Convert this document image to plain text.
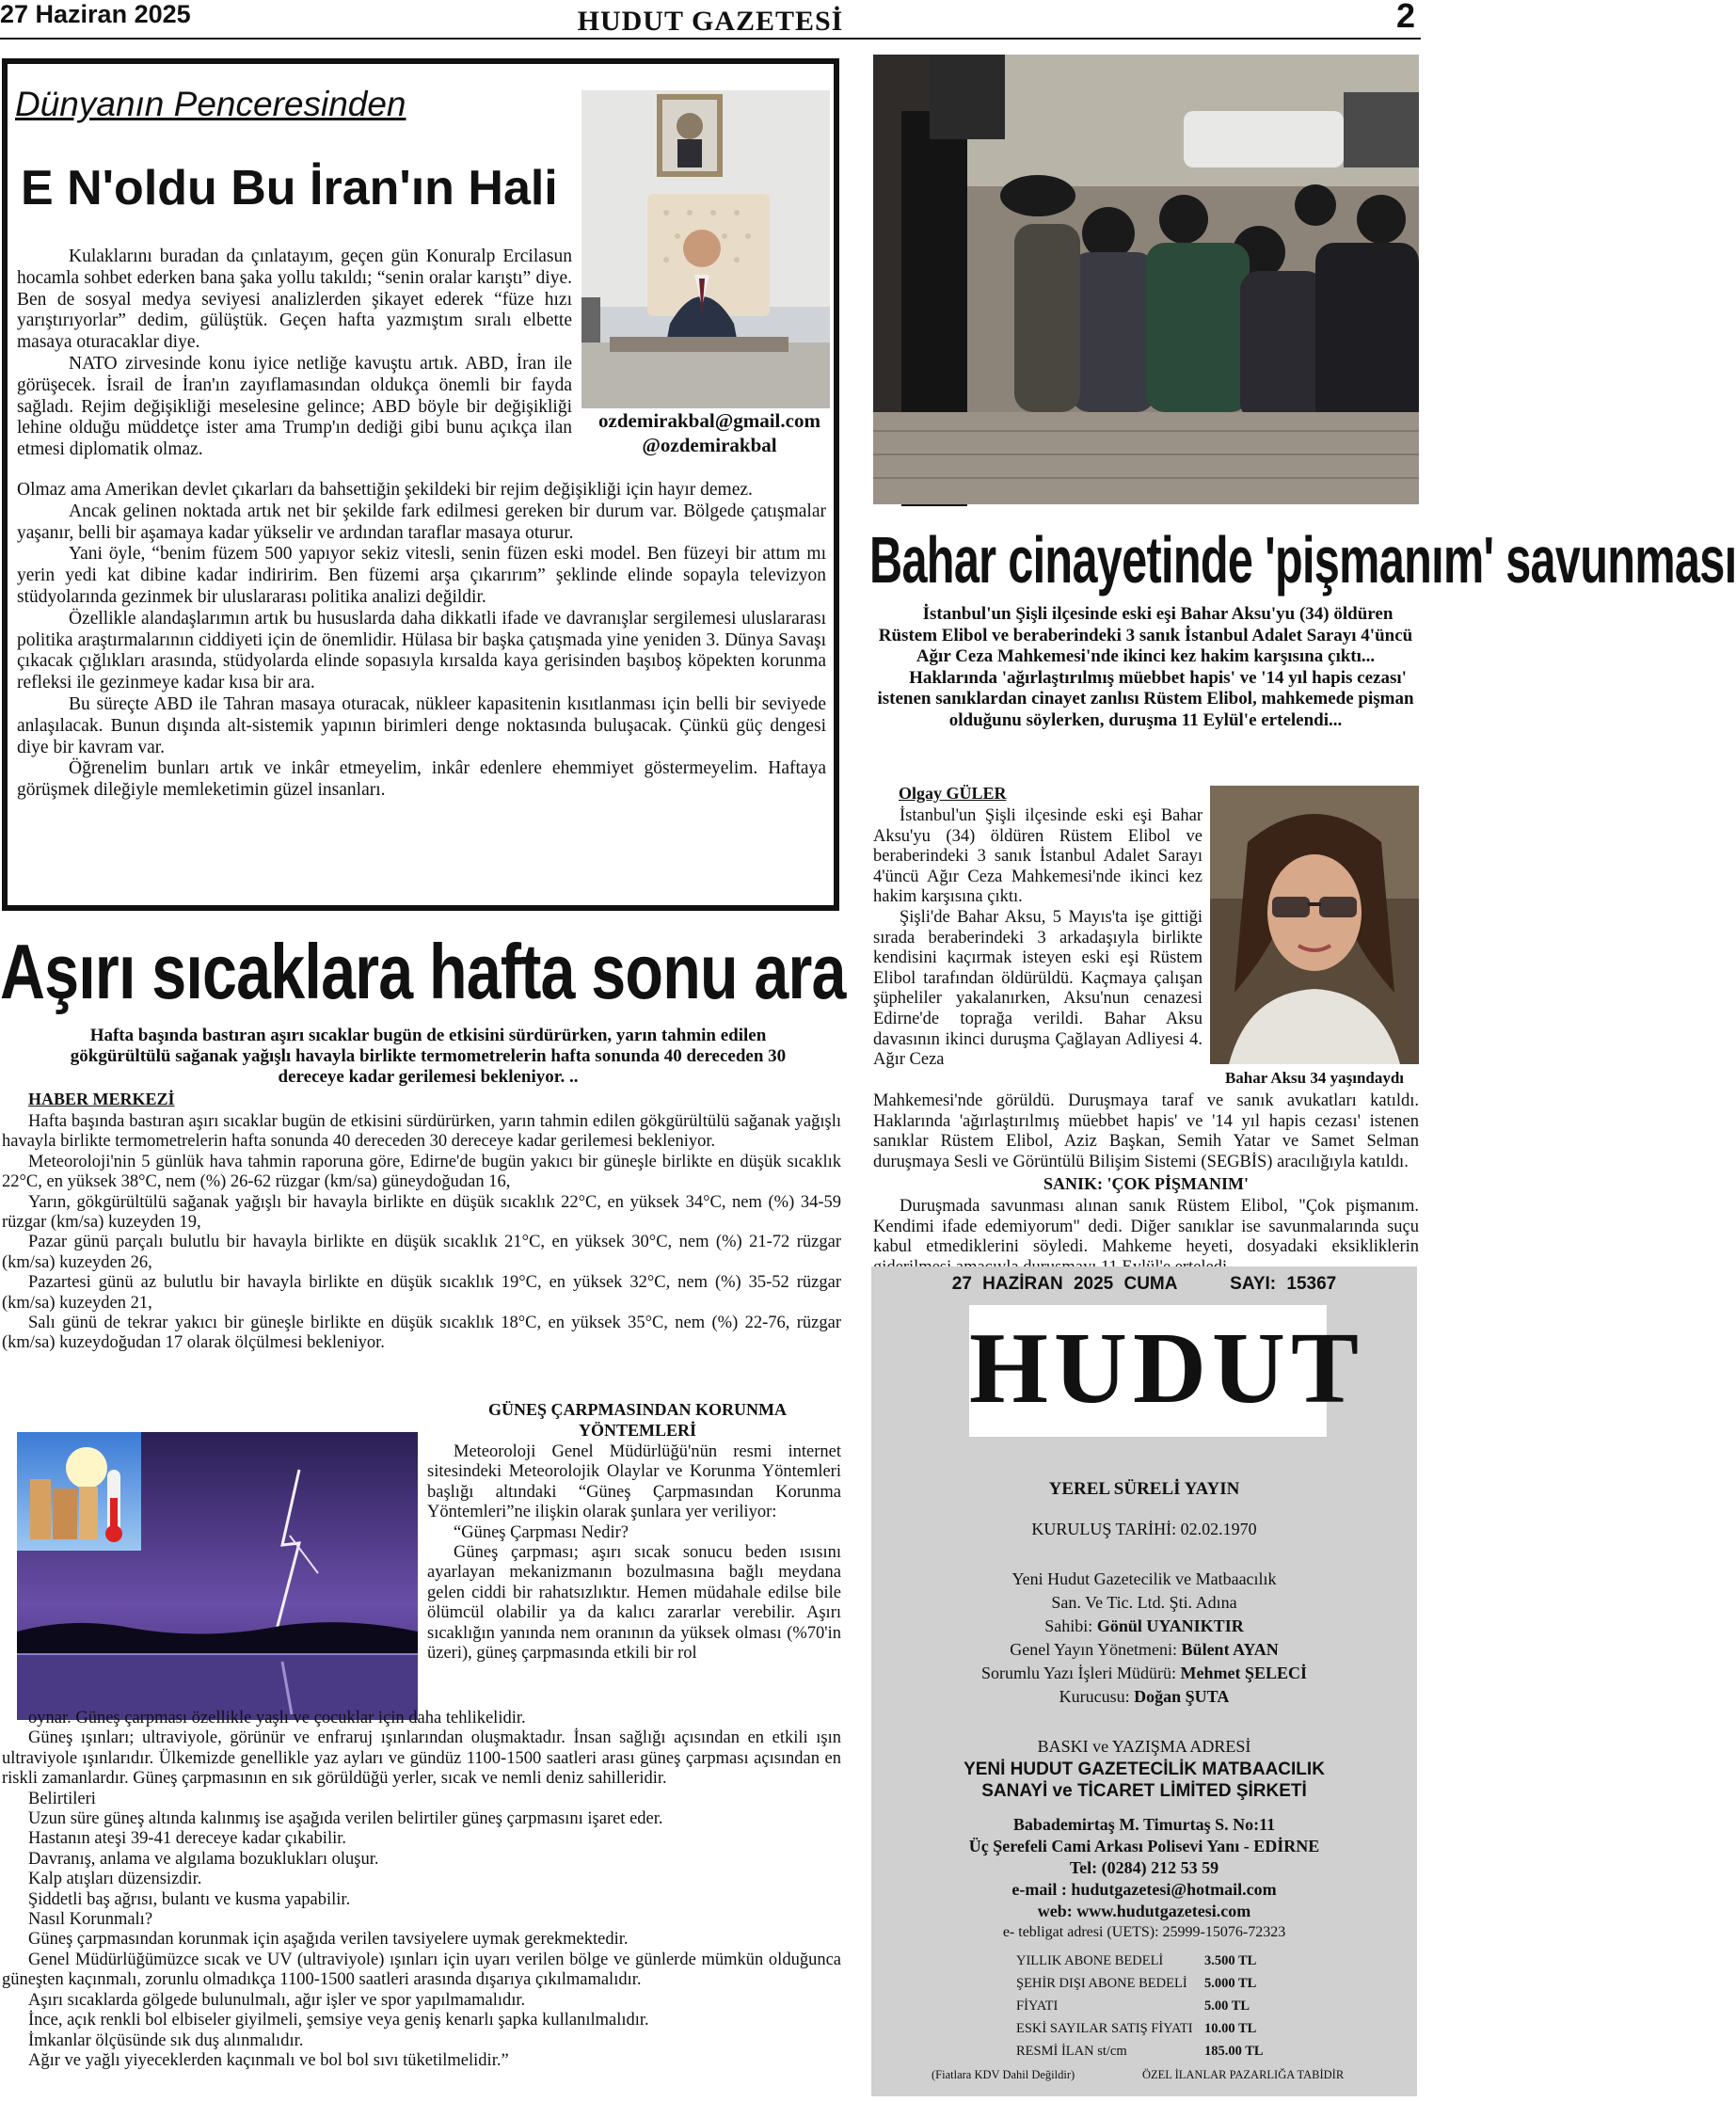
27 Haziran 2025	HUDUT GAZETESİ	2
Dünyanın Penceresinden
E N'oldu Bu İran'ın Hali
ozdemirakbal@gmail.com
@ozdemirakbal

Kulaklarını buradan da çınlatayım, geçen gün Konuralp Ercilasun hocamla sohbet ederken bana şaka yollu takıldı; “senin oralar karıştı” diye. Ben de sosyal medya seviyesi analizlerden şikayet ederek “füze hızı yarıştırıyorlar” dedim, gülüştük. Geçen hafta yazmıştım sıralı elbette masaya oturacaklar diye.

NATO zirvesinde konu iyice netliğe kavuştu artık. ABD, İran ile görüşecek. İsrail de İran'ın zayıflamasından oldukça önemli bir fayda sağladı. Rejim değişikliği meselesine gelince; ABD böyle bir değişikliği lehine olduğu müddetçe ister ama Trump'ın dediği gibi bunu açıkça ilan etmesi diplomatik olmaz.

Olmaz ama Amerikan devlet çıkarları da bahsettiğin şekildeki bir rejim değişikliği için hayır demez.

Ancak gelinen noktada artık net bir şekilde fark edilmesi gereken bir durum var. Bölgede çatışmalar yaşanır, belli bir aşamaya kadar yükselir ve ardından taraflar masaya oturur.

Yani öyle, “benim füzem 500 yapıyor sekiz vitesli, senin füzen eski model. Ben füzeyi bir attım mı yerin yedi kat dibine kadar indiririm. Ben füzemi arşa çıkarırım” şeklinde elinde sopayla televizyon stüdyolarında gezinmek bir uluslararası politika analizi değildir.

Özellikle alandaşlarımın artık bu hususlarda daha dikkatli ifade ve davranışlar sergilemesi uluslararası politika araştırmalarının ciddiyeti için de önemlidir. Hülasa bir başka çatışmada yine yeniden 3. Dünya Savaşı çıkacak çığlıkları arasında, stüdyolarda elinde sopasıyla kırsalda kaya gerisinden başıboş köpekten korunma refleksi ile gezinmeye kadar kısa bir ara.

Bu süreçte ABD ile Tahran masaya oturacak, nükleer kapasitenin kısıtlanması için belli bir seviyede anlaşılacak. Bunun dışında alt-sistemik yapının birimleri denge noktasında buluşacak. Çünkü güç dengesi diye bir kavram var.

Öğrenelim bunları artık ve inkâr etmeyelim, inkâr edenlere ehemmiyet göstermeyelim. Haftaya görüşmek dileğiyle memleketimin güzel insanları.

Aşırı sıcaklara hafta sonu ara
Hafta başında bastıran aşırı sıcaklar bugün de etkisini sürdürürken, yarın tahmin edilen gökgürültülü sağanak yağışlı havayla birlikte termometrelerin hafta sonunda 40 dereceden 30 dereceye kadar gerilemesi bekleniyor. ..
HABER MERKEZİ

Hafta başında bastıran aşırı sıcaklar bugün de etkisini sürdürürken, yarın tahmin edilen gökgürültülü sağanak yağışlı havayla birlikte termometrelerin hafta sonunda 40 dereceden 30 dereceye kadar gerilemesi bekleniyor.

Meteoroloji'nin 5 günlük hava tahmin raporuna göre, Edirne'de bugün yakıcı bir güneşle birlikte en düşük sıcaklık 22°C, en yüksek 38°C, nem (%) 26-62 rüzgar (km/sa) güneydoğudan 16,

Yarın, gökgürültülü sağanak yağışlı bir havayla birlikte en düşük sıcaklık 22°C, en yüksek 34°C, nem (%) 34-59 rüzgar (km/sa) kuzeyden 19,

Pazar günü parçalı bulutlu bir havayla birlikte en düşük sıcaklık 21°C, en yüksek 30°C, nem (%) 21-72 rüzgar (km/sa) kuzeyden 26,

Pazartesi günü az bulutlu bir havayla birlikte en düşük sıcaklık 19°C, en yüksek 32°C, nem (%) 35-52 rüzgar (km/sa) kuzeyden 21,

Salı günü de tekrar yakıcı bir güneşle birlikte en düşük sıcaklık 18°C, en yüksek 35°C, nem (%) 22-76, rüzgar (km/sa) kuzeydoğudan 17 olarak ölçülmesi bekleniyor.

GÜNEŞ ÇARPMASINDAN KORUNMA YÖNTEMLERİ

Meteoroloji Genel Müdürlüğü'nün resmi internet sitesindeki Meteorolojik Olaylar ve Korunma Yöntemleri başlığı altındaki “Güneş Çarpmasından Korunma Yöntemleri”ne ilişkin olarak şunlara yer veriliyor:

“Güneş Çarpması Nedir?

Güneş çarpması; aşırı sıcak sonucu beden ısısını ayarlayan mekanizmanın bozulmasına bağlı meydana gelen ciddi bir rahatsızlıktır. Hemen müdahale edilse bile ölümcül olabilir ya da kalıcı zararlar verebilir. Aşırı sıcaklığın yanında nem oranının da yüksek olması (%70'in üzeri), güneş çarpmasında etkili bir rol

oynar. Güneş çarpması özellikle yaşlı ve çocuklar için daha tehlikelidir.

Güneş ışınları; ultraviyole, görünür ve enfraruj ışınlarından oluşmaktadır. İnsan sağlığı açısından en etkili ışın ultraviyole ışınlarıdır. Ülkemizde genellikle yaz ayları ve gündüz 1100-1500 saatleri arası güneş çarpması açısından en riskli zamanlardır. Güneş çarpmasının en sık görüldüğü yerler, sıcak ve nemli deniz sahilleridir.

Belirtileri

Uzun süre güneş altında kalınmış ise aşağıda verilen belirtiler güneş çarpmasını işaret eder.

Hastanın ateşi 39-41 dereceye kadar çıkabilir.

Davranış, anlama ve algılama bozuklukları oluşur.

Kalp atışları düzensizdir.

Şiddetli baş ağrısı, bulantı ve kusma yapabilir.

Nasıl Korunmalı?

Güneş çarpmasından korunmak için aşağıda verilen tavsiyelere uymak gerekmektedir.

Genel Müdürlüğümüzce sıcak ve UV (ultraviyole) ışınları için uyarı verilen bölge ve günlerde mümkün olduğunca güneşten kaçınmalı, zorunlu olmadıkça 1100-1500 saatleri arasında dışarıya çıkılmamalıdır.

Aşırı sıcaklarda gölgede bulunulmalı, ağır işler ve spor yapılmamalıdır.

İnce, açık renkli bol elbiseler giyilmeli, şemsiye veya geniş kenarlı şapka kullanılmalıdır.

İmkanlar ölçüsünde sık duş alınmalıdır.

Ağır ve yağlı yiyeceklerden kaçınmalı ve bol bol sıvı tüketilmelidir.”

Bahar cinayetinde 'pişmanım' savunması
İstanbul'un Şişli ilçesinde eski eşi Bahar Aksu'yu (34) öldüren Rüstem Elibol ve beraberindeki 3 sanık İstanbul Adalet Sarayı 4'üncü Ağır Ceza Mahkemesi'nde ikinci kez hakim karşısına çıktı...
Haklarında 'ağırlaştırılmış müebbet hapis' ve '14 yıl hapis cezası' istenen sanıklardan cinayet zanlısı Rüstem Elibol, mahkemede pişman olduğunu söylerken, duruşma 11 Eylül'e ertelendi...
Olgay GÜLER

İstanbul'un Şişli ilçesinde eski eşi Bahar Aksu'yu (34) öldüren Rüstem Elibol ve beraberindeki 3 sanık İstanbul Adalet Sarayı 4'üncü Ağır Ceza Mahkemesi'nde ikinci kez hakim karşısına çıktı.

Şişli'de Bahar Aksu, 5 Mayıs'ta işe gittiği sırada beraberindeki 3 arkadaşıyla birlikte kendisini kaçırmak isteyen eski eşi Rüstem Elibol tarafından öldürüldü. Kaçmaya çalışan şüpheliler yakalanırken, Aksu'nun cenazesi Edirne'de toprağa verildi. Bahar Aksu davasının ikinci duruşma Çağlayan Adliyesi 4. Ağır Ceza

Bahar Aksu 34 yaşındaydı

Mahkemesi'nde görüldü. Duruşmaya taraf ve sanık avukatları katıldı. Haklarında 'ağırlaştırılmış müebbet hapis' ve '14 yıl hapis cezası' istenen sanıklar Rüstem Elibol, Aziz Başkan, Semih Yatar ve Samet Selman duruşmaya Sesli ve Görüntülü Bilişim Sistemi (SEGBİS) aracılığıyla katıldı.

SANIK: 'ÇOK PİŞMANIM'

Duruşmada savunması alınan sanık Rüstem Elibol, "Çok pişmanım. Kendimi ifade edemiyorum" dedi. Diğer sanıklar ise savunmalarında suçu kabul etmediklerini söyledi. Mahkeme heyeti, dosyadaki eksikliklerin

27 HAZİRAN 2025 CUMA     SAYI: 15367
HUDUT
YEREL SÜRELİ YAYIN
KURULUŞ TARİHİ: 02.02.1970
Yeni Hudut Gazetecilik ve Matbaacılık
San. Ve Tic. Ltd. Şti. Adına
Sahibi: Gönül UYANIKTIR
Genel Yayın Yönetmeni: Bülent AYAN
Sorumlu Yazı İşleri Müdürü: Mehmet ŞELECİ
Kurucusu: Doğan ŞUTA
BASKI ve YAZIŞMA ADRESİ
YENİ HUDUT GAZETECİLİK MATBAACILIK
SANAYİ ve TİCARET LİMİTED ŞİRKETİ
Babademirtaş M. Timurtaş S. No:11
Üç Şerefeli Cami Arkası Polisevi Yanı - EDİRNE
Tel: (0284) 212 53 59
e-mail : hudutgazetesi@hotmail.com
web: www.hudutgazetesi.com
e- tebligat adresi (UETS): 25999-15076-72323
YILLIK ABONE BEDELİ	3.500 TL
ŞEHİR DIŞI ABONE BEDELİ 5.000 TL
FİYATI	5.00 TL
ESKİ SAYILAR SATIŞ FİYATI 10.00 TL
RESMİ İLAN st/cm	185.00 TL
(Fiatlara KDV Dahil Değildir)	ÖZEL İLANLAR PAZARLIĞA TABİDİR
